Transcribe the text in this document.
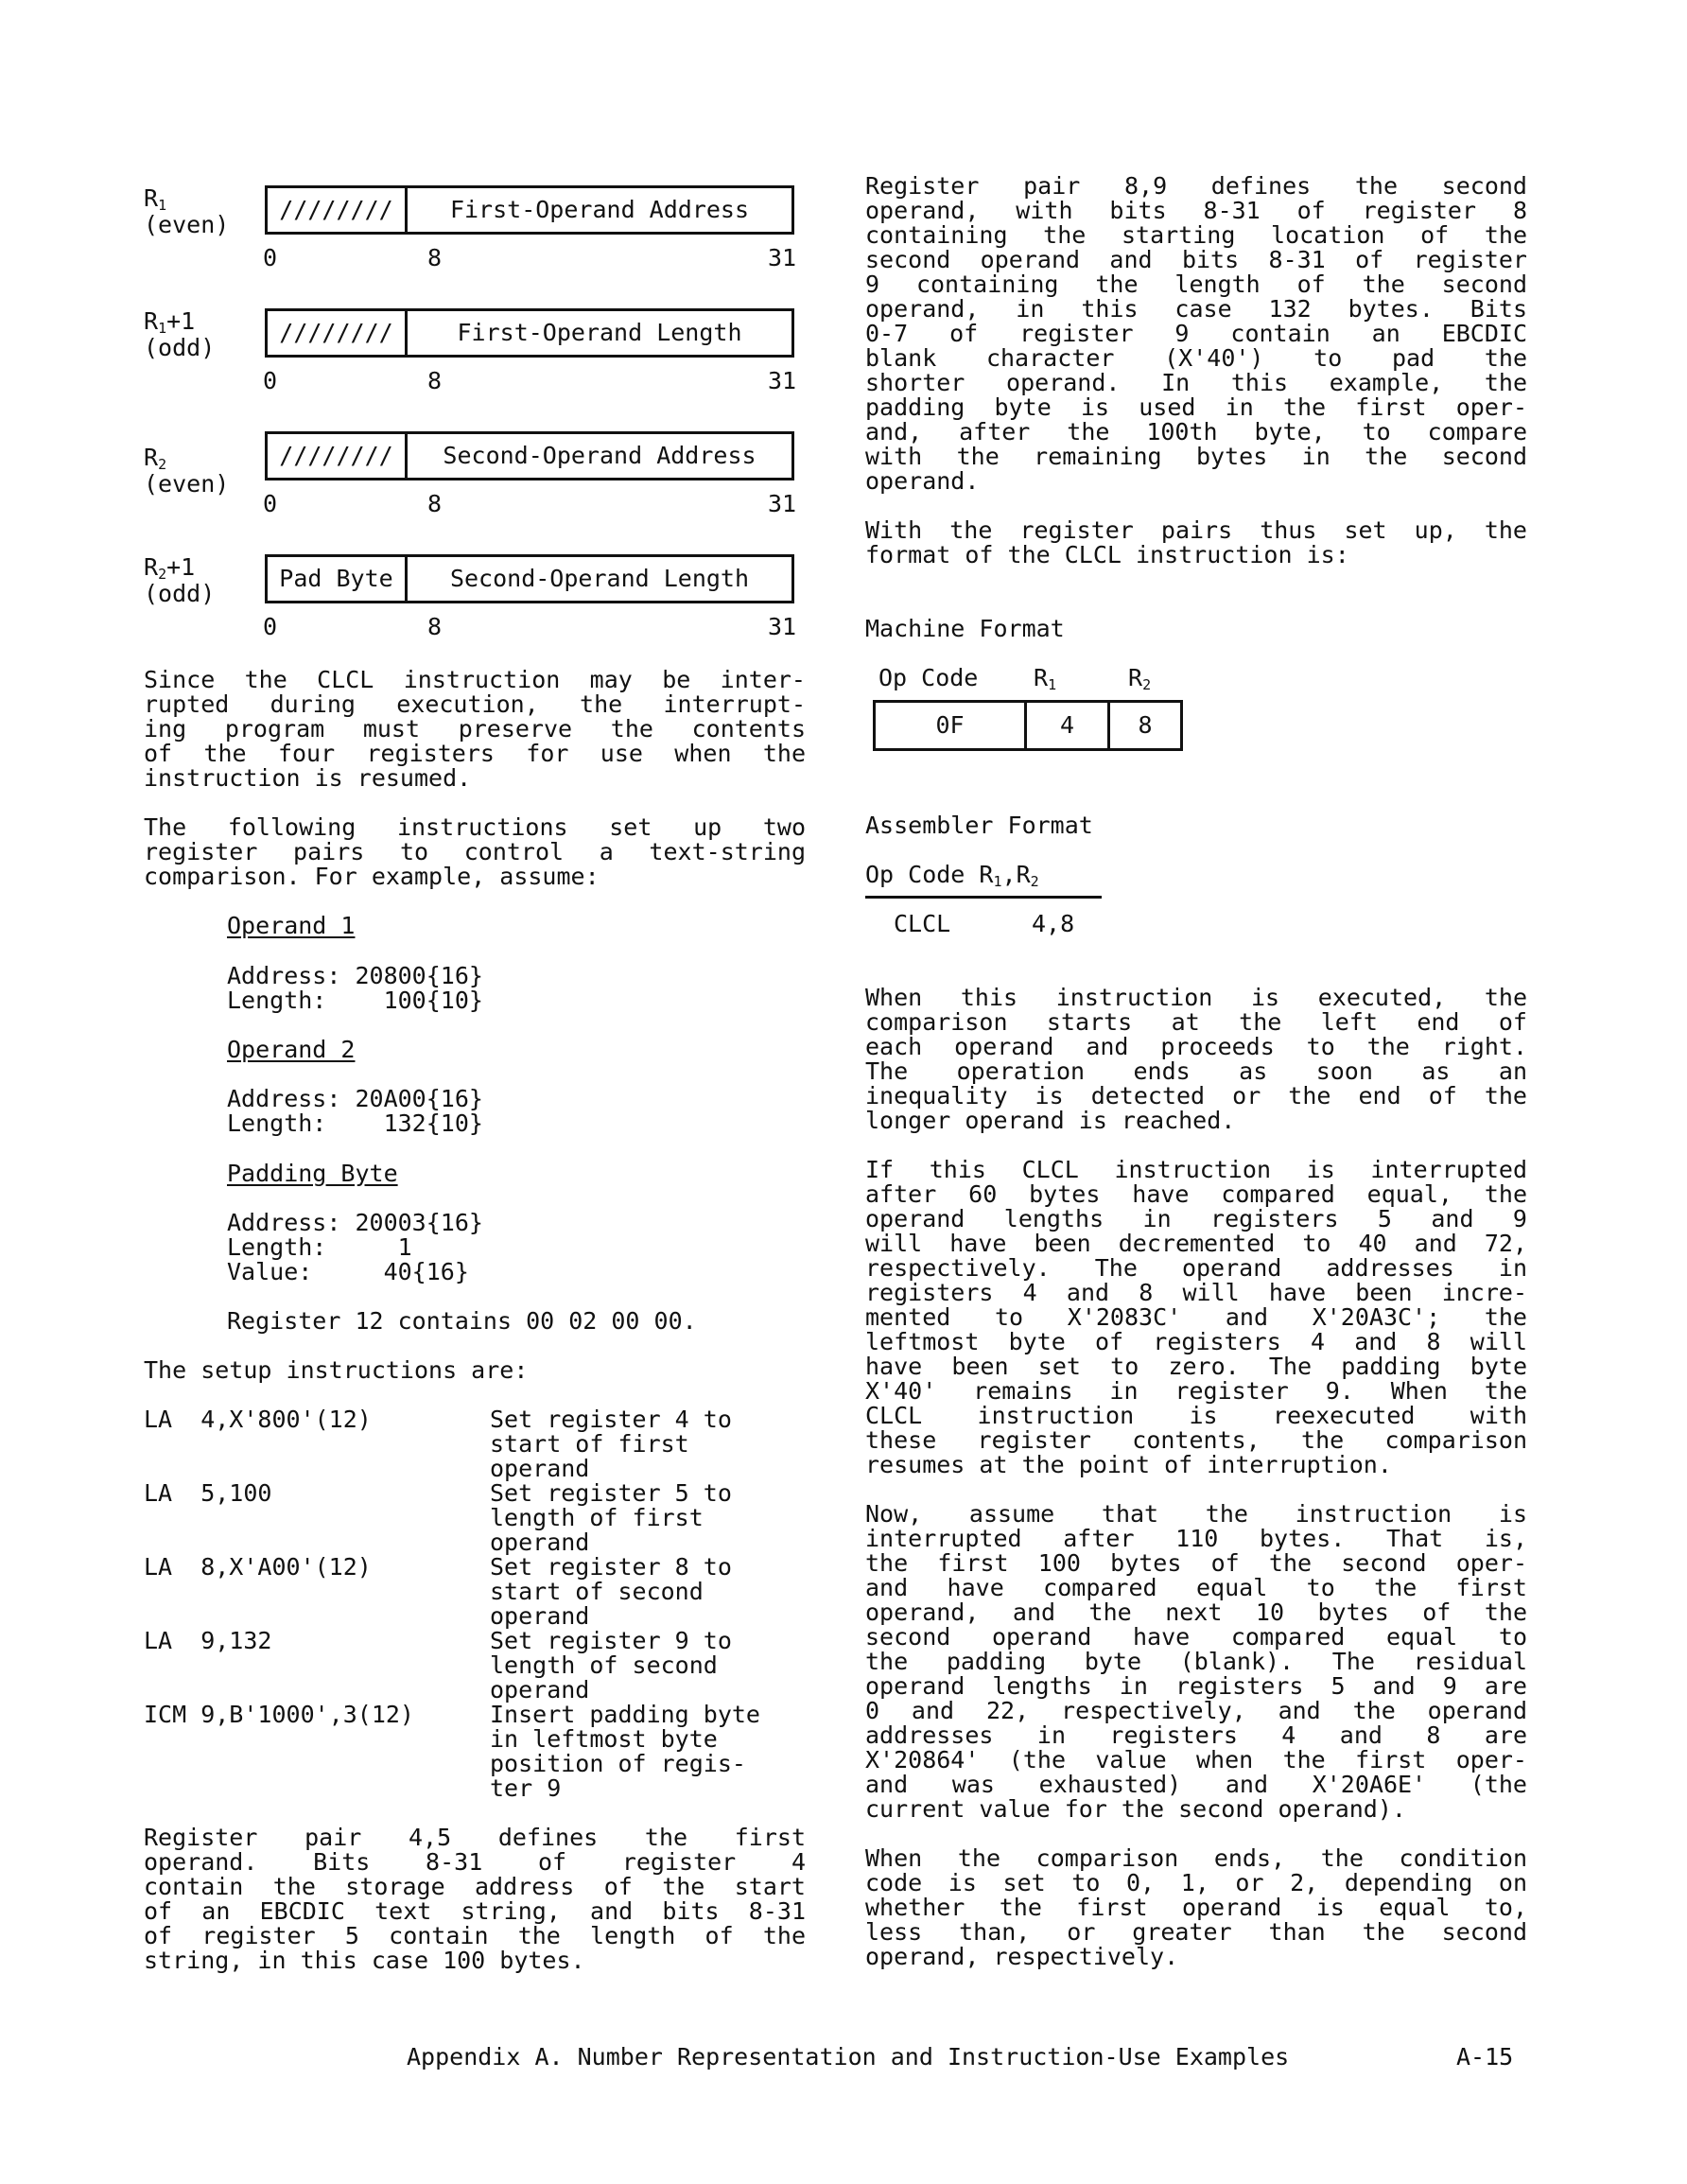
$R_1$
(even)
////////	First-Operand Address
0	8	31
$R_1+1$
(odd)
////////	First-Operand Length
0	8	31
$R_2$
(even)
////////	Second-Operand Address
0	8	31
$R_2+1$
(odd)
Pad Byte	Second-Operand Length
0	8	31
Since the CLCL instruction may be inter-
rupted during execution, the interrupt-
ing program must preserve the contents
of the four registers for use when the
instruction is resumed.
The following instructions set up two
register pairs to control a text-string
comparison. For example, assume:
Operand 1
Address: 20800{16}
Length:    100{10}
Operand 2
Address: 20A00{16}
Length:    132{10}
Padding Byte
Address: 20003{16}
Length:     1
Value:     40{16}
Register 12 contains 00 02 00 00.
The setup instructions are:
LA  4,X'800'(12)	Set register 4 to
start of first
operand
LA  5,100	Set register 5 to
length of first
operand
LA  8,X'A00'(12)	Set register 8 to
start of second
operand
LA  9,132	Set register 9 to
length of second
operand
ICM 9,B'1000',3(12)	Insert padding byte
in leftmost byte
position of regis-
ter 9
Register pair 4,5 defines the first
operand. Bits 8-31 of register 4
contain the storage address of the start
of an EBCDIC text string, and bits 8-31
of register 5 contain the length of the
string, in this case 100 bytes.
Register pair 8,9 defines the second
operand, with bits 8-31 of register 8
containing the starting location of the
second operand and bits 8-31 of register
9 containing the length of the second
operand, in this case 132 bytes. Bits
0-7 of register 9 contain an EBCDIC
blank character (X'40') to pad the
shorter operand. In this example, the
padding byte is used in the first oper-
and, after the 100th byte, to compare
with the remaining bytes in the second
operand.
With the register pairs thus set up, the
format of the CLCL instruction is:
Machine Format
Op Code $R_1$	$R_2$
0F	4	8
Assembler Format
Op Code $R_1,R_2$
CLCL	4,8
When this instruction is executed, the
comparison starts at the left end of
each operand and proceeds to the right.
The operation ends as soon as an
inequality is detected or the end of the
longer operand is reached.
If this CLCL instruction is interrupted
after 60 bytes have compared equal, the
operand lengths in registers 5 and 9
will have been decremented to 40 and 72,
respectively. The operand addresses in
registers 4 and 8 will have been incre-
mented to X'2083C' and X'20A3C'; the
leftmost byte of registers 4 and 8 will
have been set to zero. The padding byte
X'40' remains in register 9. When the
CLCL instruction is reexecuted with
these register contents, the comparison
resumes at the point of interruption.
Now, assume that the instruction is
interrupted after 110 bytes. That is,
the first 100 bytes of the second oper-
and have compared equal to the first
operand, and the next 10 bytes of the
second operand have compared equal to
the padding byte (blank). The residual
operand lengths in registers 5 and 9 are
0 and 22, respectively, and the operand
addresses in registers 4 and 8 are
X'20864' (the value when the first oper-
and was exhausted) and X'20A6E' (the
current value for the second operand).
When the comparison ends, the condition
code is set to 0, 1, or 2, depending on
whether the first operand is equal to,
less than, or greater than the second
operand, respectively.
Appendix A. Number Representation and Instruction-Use Examples	A-15
